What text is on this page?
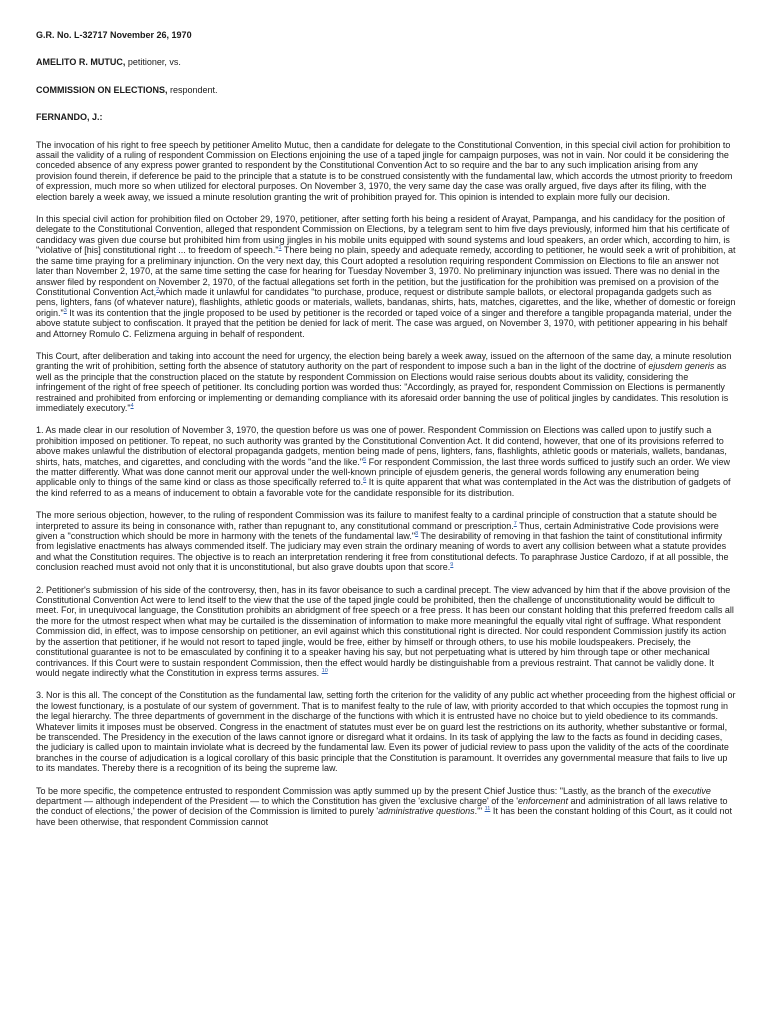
G.R. No. L-32717 November 26, 1970

AMELITO R. MUTUC, petitioner, vs.

COMMISSION ON ELECTIONS, respondent.

FERNANDO, J.:

The invocation of his right to free speech by petitioner Amelito Mutuc, then a candidate for delegate to the Constitutional Convention, in this special civil action for prohibition to assail the validity of a ruling of respondent Commission on Elections enjoining the use of a taped jingle for campaign purposes, was not in vain. Nor could it be considering the conceded absence of any express power granted to respondent by the Constitutional Convention Act to so require and the bar to any such implication arising from any provision found therein, if deference be paid to the principle that a statute is to be construed consistently with the fundamental law, which accords the utmost priority to freedom of expression, much more so when utilized for electoral purposes. On November 3, 1970, the very same day the case was orally argued, five days after its filing, with the election barely a week away, we issued a minute resolution granting the writ of prohibition prayed for. This opinion is intended to explain more fully our decision.

In this special civil action for prohibition filed on October 29, 1970, petitioner, after setting forth his being a resident of Arayat, Pampanga, and his candidacy for the position of delegate to the Constitutional Convention, alleged that respondent Commission on Elections, by a telegram sent to him five days previously, informed him that his certificate of candidacy was given due course but prohibited him from using jingles in his mobile units equipped with sound systems and loud speakers, an order which, according to him, is "violative of [his] constitutional right ... to freedom of speech."$^1$ There being no plain, speedy and adequate remedy, according to petitioner, he would seek a writ of prohibition, at the same time praying for a preliminary injunction. On the very next day, this Court adopted a resolution requiring respondent Commission on Elections to file an answer not later than November 2, 1970, at the same time setting the case for hearing for Tuesday November 3, 1970. No preliminary injunction was issued. There was no denial in the answer filed by respondent on November 2, 1970, of the factual allegations set forth in the petition, but the justification for the prohibition was premised on a provision of the Constitutional Convention Act,$^2$which made it unlawful for candidates "to purchase, produce, request or distribute sample ballots, or electoral propaganda gadgets such as pens, lighters, fans (of whatever nature), flashlights, athletic goods or materials, wallets, bandanas, shirts, hats, matches, cigarettes, and the like, whether of domestic or foreign origin."$^3$ It was its contention that the jingle proposed to be used by petitioner is the recorded or taped voice of a singer and therefore a tangible propaganda material, under the above statute subject to confiscation. It prayed that the petition be denied for lack of merit. The case was argued, on November 3, 1970, with petitioner appearing in his behalf and Attorney Romulo C. Felizmena arguing in behalf of respondent.

This Court, after deliberation and taking into account the need for urgency, the election being barely a week away, issued on the afternoon of the same day, a minute resolution granting the writ of prohibition, setting forth the absence of statutory authority on the part of respondent to impose such a ban in the light of the doctrine of ejusdem generis as well as the principle that the construction placed on the statute by respondent Commission on Elections would raise serious doubts about its validity, considering the infringement of the right of free speech of petitioner. Its concluding portion was worded thus: "Accordingly, as prayed for, respondent Commission on Elections is permanently restrained and prohibited from enforcing or implementing or demanding compliance with its aforesaid order banning the use of political jingles by candidates. This resolution is immediately executory."$^4$

1. As made clear in our resolution of November 3, 1970, the question before us was one of power. Respondent Commission on Elections was called upon to justify such a prohibition imposed on petitioner. To repeat, no such authority was granted by the Constitutional Convention Act. It did contend, however, that one of its provisions referred to above makes unlawful the distribution of electoral propaganda gadgets, mention being made of pens, lighters, fans, flashlights, athletic goods or materials, wallets, bandanas, shirts, hats, matches, and cigarettes, and concluding with the words "and the like."$^5$ For respondent Commission, the last three words sufficed to justify such an order. We view the matter differently. What was done cannot merit our approval under the well-known principle of ejusdem generis, the general words following any enumeration being applicable only to things of the same kind or class as those specifically referred to.$^6$ It is quite apparent that what was contemplated in the Act was the distribution of gadgets of the kind referred to as a means of inducement to obtain a favorable vote for the candidate responsible for its distribution.

The more serious objection, however, to the ruling of respondent Commission was its failure to manifest fealty to a cardinal principle of construction that a statute should be interpreted to assure its being in consonance with, rather than repugnant to, any constitutional command or prescription.$^7$ Thus, certain Administrative Code provisions were given a "construction which should be more in harmony with the tenets of the fundamental law."$^8$ The desirability of removing in that fashion the taint of constitutional infirmity from legislative enactments has always commended itself. The judiciary may even strain the ordinary meaning of words to avert any collision between what a statute provides and what the Constitution requires. The objective is to reach an interpretation rendering it free from constitutional defects. To paraphrase Justice Cardozo, if at all possible, the conclusion reached must avoid not only that it is unconstitutional, but also grave doubts upon that score.$^9$

2. Petitioner's submission of his side of the controversy, then, has in its favor obeisance to such a cardinal precept. The view advanced by him that if the above provision of the Constitutional Convention Act were to lend itself to the view that the use of the taped jingle could be prohibited, then the challenge of unconstitutionality would be difficult to meet. For, in unequivocal language, the Constitution prohibits an abridgment of free speech or a free press. It has been our constant holding that this preferred freedom calls all the more for the utmost respect when what may be curtailed is the dissemination of information to make more meaningful the equally vital right of suffrage. What respondent Commission did, in effect, was to impose censorship on petitioner, an evil against which this constitutional right is directed. Nor could respondent Commission justify its action by the assertion that petitioner, if he would not resort to taped jingle, would be free, either by himself or through others, to use his mobile loudspeakers. Precisely, the constitutional guarantee is not to be emasculated by confining it to a speaker having his say, but not perpetuating what is uttered by him through tape or other mechanical contrivances. If this Court were to sustain respondent Commission, then the effect would hardly be distinguishable from a previous restraint. That cannot be validly done. It would negate indirectly what the Constitution in express terms assures. $^{10}$

3. Nor is this all. The concept of the Constitution as the fundamental law, setting forth the criterion for the validity of any public act whether proceeding from the highest official or the lowest functionary, is a postulate of our system of government. That is to manifest fealty to the rule of law, with priority accorded to that which occupies the topmost rung in the legal hierarchy. The three departments of government in the discharge of the functions with which it is entrusted have no choice but to yield obedience to its commands. Whatever limits it imposes must be observed. Congress in the enactment of statutes must ever be on guard lest the restrictions on its authority, whether substantive or formal, be transcended. The Presidency in the execution of the laws cannot ignore or disregard what it ordains. In its task of applying the law to the facts as found in deciding cases, the judiciary is called upon to maintain inviolate what is decreed by the fundamental law. Even its power of judicial review to pass upon the validity of the acts of the coordinate branches in the course of adjudication is a logical corollary of this basic principle that the Constitution is paramount. It overrides any governmental measure that fails to live up to its mandates. Thereby there is a recognition of its being the supreme law.

To be more specific, the competence entrusted to respondent Commission was aptly summed up by the present Chief Justice thus: "Lastly, as the branch of the executive department — although independent of the President — to which the Constitution has given the 'exclusive charge' of the 'enforcement and administration of all laws relative to the conduct of elections,' the power of decision of the Commission is limited to purely 'administrative questions.'" $^{11}$ It has been the constant holding of this Court, as it could not have been otherwise, that respondent Commission cannot
